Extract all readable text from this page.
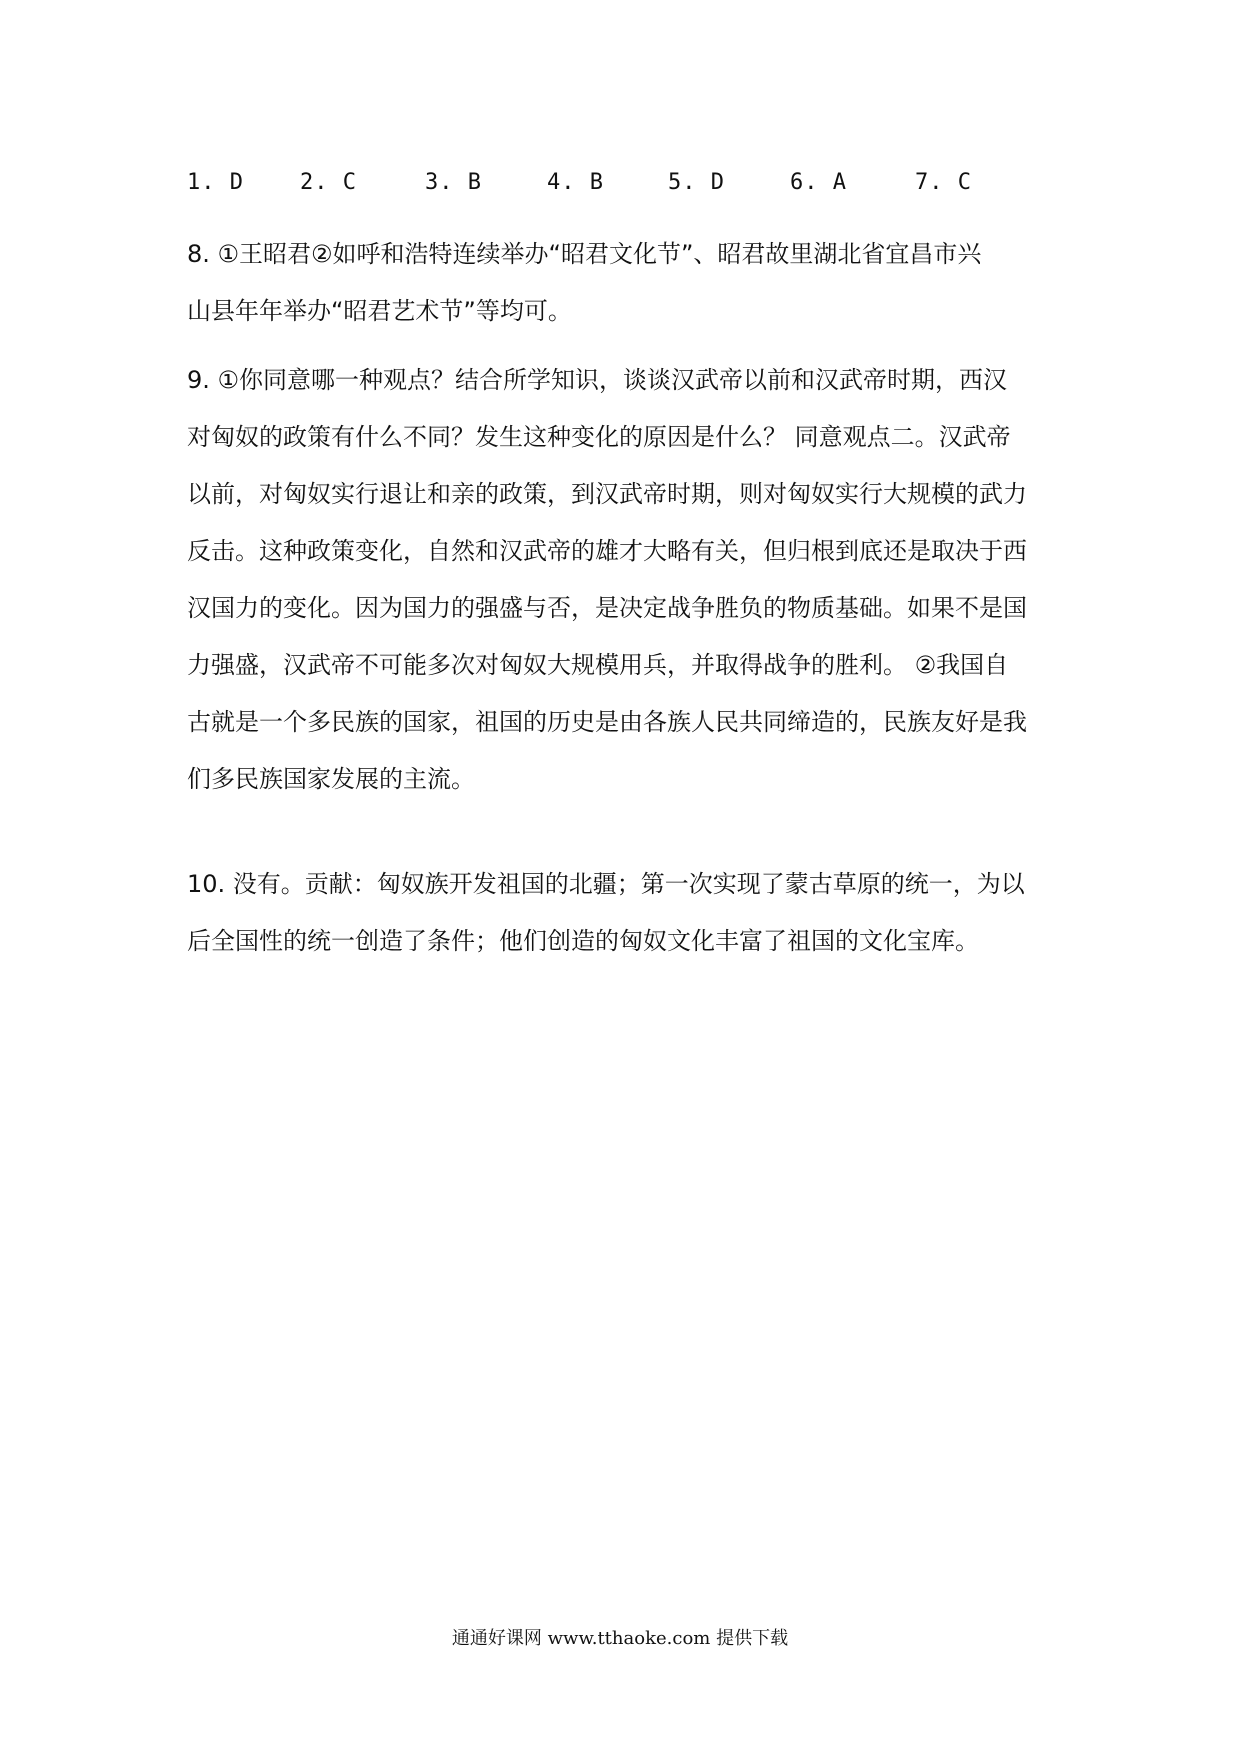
1. D	2. C	3. B	4. B	5. D	6. A	7. C
8. ①王昭君②如呼和浩特连续举办“昭君文化节”、昭君故里湖北省宜昌市兴
山县年年举办“昭君艺术节”等均可。
9. ①你同意哪一种观点？结合所学知识，谈谈汉武帝以前和汉武帝时期，西汉
对匈奴的政策有什么不同？发生这种变化的原因是什么？ 同意观点二。汉武帝
以前，对匈奴实行退让和亲的政策，到汉武帝时期，则对匈奴实行大规模的武力
反击。这种政策变化，自然和汉武帝的雄才大略有关，但归根到底还是取决于西
汉国力的变化。因为国力的强盛与否，是决定战争胜负的物质基础。如果不是国
力强盛，汉武帝不可能多次对匈奴大规模用兵，并取得战争的胜利。 ②我国自
古就是一个多民族的国家，祖国的历史是由各族人民共同缔造的，民族友好是我
们多民族国家发展的主流。
10. 没有。贡献：匈奴族开发祖国的北疆；第一次实现了蒙古草原的统一，为以
后全国性的统一创造了条件；他们创造的匈奴文化丰富了祖国的文化宝库。
通通好课网 www.tthaoke.com 提供下载
